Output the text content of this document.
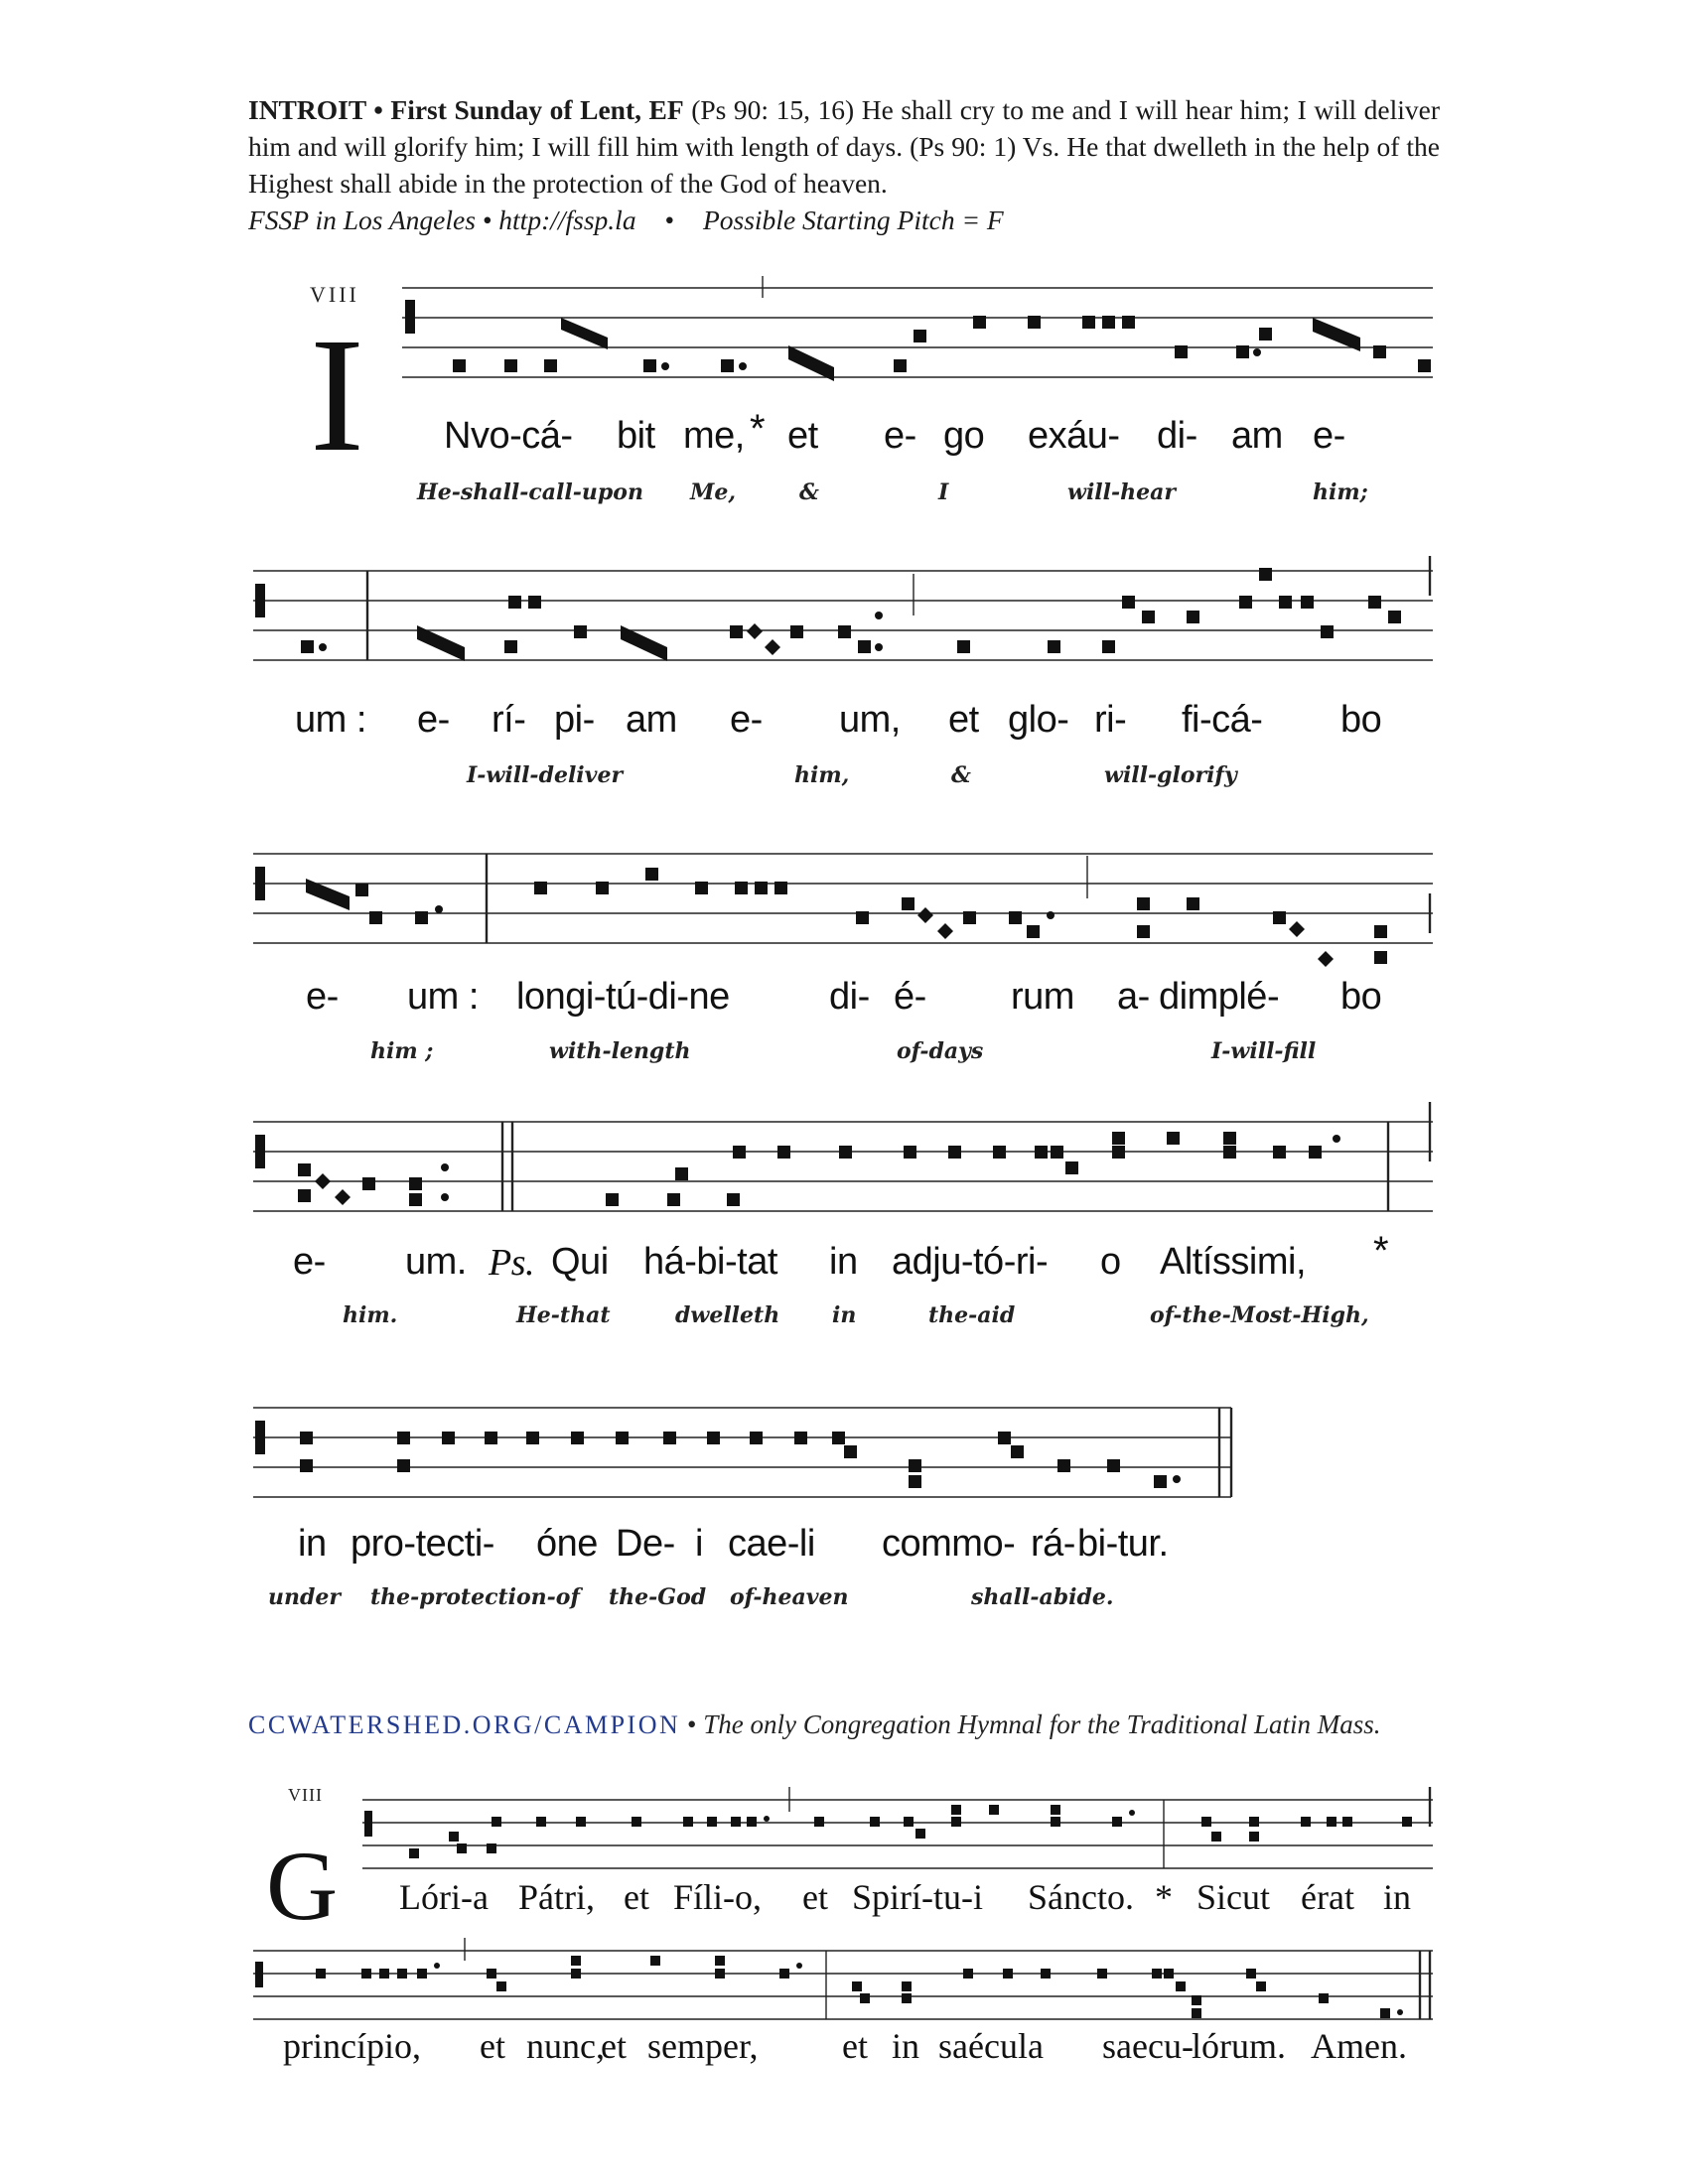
INTROIT • First Sunday of Lent, EF (Ps 90: 15, 16) He shall cry to me and I will hear him; I will deliver him and will glorify him; I will fill him with length of days. (Ps 90: 1) Vs. He that dwelleth in the help of the Highest shall abide in the protection of the God of heaven.
FSSP in Los Angeles • http://fssp.la • Possible Starting Pitch = F
VIII
I Nvo-cá- bit me, * et e- go exáu- di- am e-
He-shall-call-upon Me,	&	I	will-hear	him;
um : e- rí- pi- am e- um, et glo- ri- fi-cá- bo
I-will-deliver	him,	&	will-glorify
e- um : longi-tú-di-ne	di- é- rum a- dimplé- bo
him ;	with-length	of-days	I-will-fill
e- um. Ps. Qui há-bi-tat in adju-tó-ri- o Altíssimi, *
him.	He-that	dwelleth in	the-aid	of-the-Most-High,
in pro-tecti- óne De- i cae-li commo- rá- bi-tur.
under the-protection-of the-God of-heaven	shall-abide.
CCWATERSHED.ORG/CAMPION • The only Congregation Hymnal for the Traditional Latin Mass.
VIII
G Lóri-a Pátri, et Fíli-o, et Spirí-tu-i Sáncto. * Sicut érat in
princípio, et nunc,
et semper, et in saécula saecu-
lórum. Amen.
